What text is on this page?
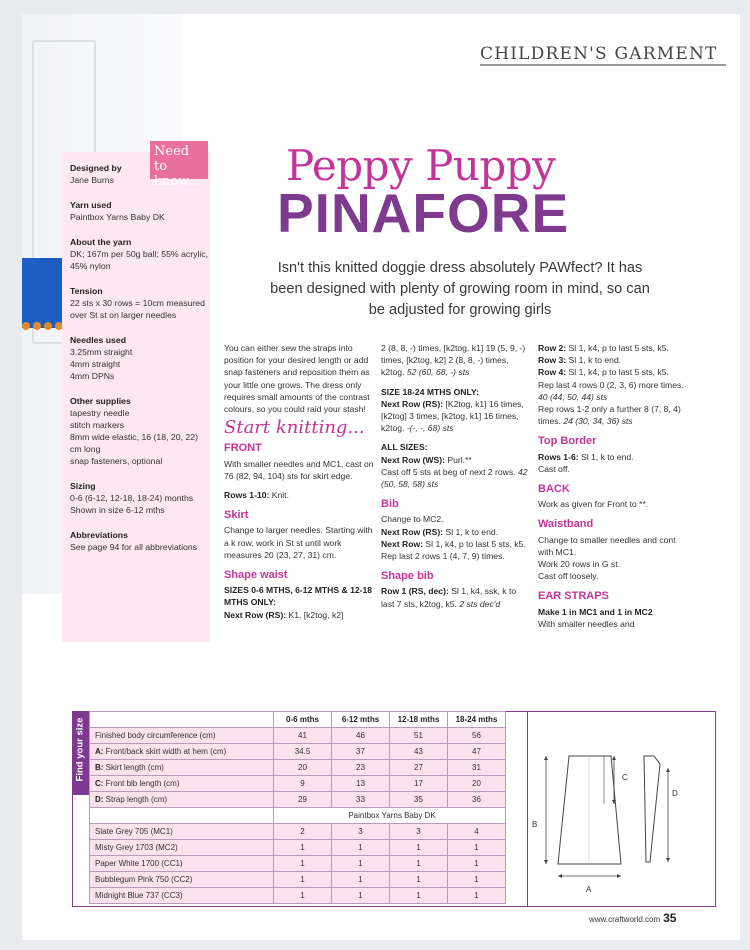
CHILDREN'S GARMENT
Need to know...
Designed by
Jane Burns
Yarn used
Paintbox Yarns Baby DK
About the yarn
DK; 167m per 50g ball; 55% acrylic, 45% nylon
Tension
22 sts x 30 rows = 10cm measured over St st on larger needles
Needles used
3.25mm straight
4mm straight
4mm DPNs
Other supplies
tapestry needle
stitch markers
8mm wide elastic, 16 (18, 20, 22) cm long
snap fasteners, optional
Sizing
0-6 (6-12, 12-18, 18-24) months
Shown in size 6-12 mths
Abbreviations
See page 94 for all abbreviations
Peppy Puppy
PINAFORE
Isn't this knitted doggie dress absolutely PAWfect? It has been designed with plenty of growing room in mind, so can be adjusted for growing girls

You can either sew the straps into position for your desired length or add snap fasteners and reposition them as your little one grows. The dress only requires small amounts of the contrast colours, so you could raid your stash!

Start knitting...
FRONT

With smaller needles and MC1, cast on 76 (82, 94, 104) sts for skirt edge.

Rows 1-10: Knit.

Skirt

Change to larger needles. Starting with a k row, work in St st until work measures 20 (23, 27, 31) cm.

Shape waist

SIZES 0-6 MTHS, 6-12 MTHS & 12-18 MTHS ONLY:
Next Row (RS): K1, [k2tog, k2]

2 (8, 8, -) times, [k2tog, k1] 19 (5, 9, -) times, [k2tog, k2] 2 (8, 8, -) times, k2tog. 52 (60, 68, -) sts

SIZE 18-24 MTHS ONLY:
Next Row (RS): [K2tog, k1] 16 times, [k2tog] 3 times, [k2tog, k1] 16 times, k2tog. -(-, -, 68) sts

ALL SIZES:
Next Row (WS): Purl.**
Cast off 5 sts at beg of next 2 rows. 42 (50, 58, 58) sts

Bib

Change to MC2.
Next Row (RS): Sl 1, k to end.
Next Row: Sl 1, k4, p to last 5 sts, k5.
Rep last 2 rows 1 (4, 7, 9) times.

Shape bib

Row 1 (RS, dec): Sl 1, k4, ssk, k to last 7 sts, k2tog, k5. 2 sts dec'd

Row 2: Sl 1, k4, p to last 5 sts, k5.
Row 3: Sl 1, k to end.
Row 4: Sl 1, k4, p to last 5 sts, k5.
Rep last 4 rows 0 (2, 3, 6) more times. 40 (44, 50, 44) sts
Rep rows 1-2 only a further 8 (7, 8, 4) times. 24 (30, 34, 36) sts

Top Border

Rows 1-6: Sl 1, k to end.
Cast off.

BACK

Work as given for Front to **.

Waistband

Change to smaller needles and cont with MC1.
Work 20 rows in G st.
Cast off loosely.

EAR STRAPS

Make 1 in MC1 and 1 in MC2
With smaller needles and

Find your size
		0-6 mths	6-12 mths	12-18 mths	18-24 mths
Finished body circumference (cm)	41	46	51	56
A: Front/back skirt width at hem (cm)	34.5	37	43	47
B: Skirt length (cm)	20	23	27	31
C: Front bib length (cm)	9	13	17	20
D: Strap length (cm)	29	33	35	36
	Paintbox Yarns Baby DK			
Slate Grey 705 (MC1)	2	3	3	4
Misty Grey 1703 (MC2)	1	1	1	1
Paper White 1700 (CC1)	1	1	1	1
Bubblegum Pink 750 (CC2)	1	1	1	1
Midnight Blue 737 (CC3)	1	1	1	1
C
D
B
A
www.craftworld.com 35
